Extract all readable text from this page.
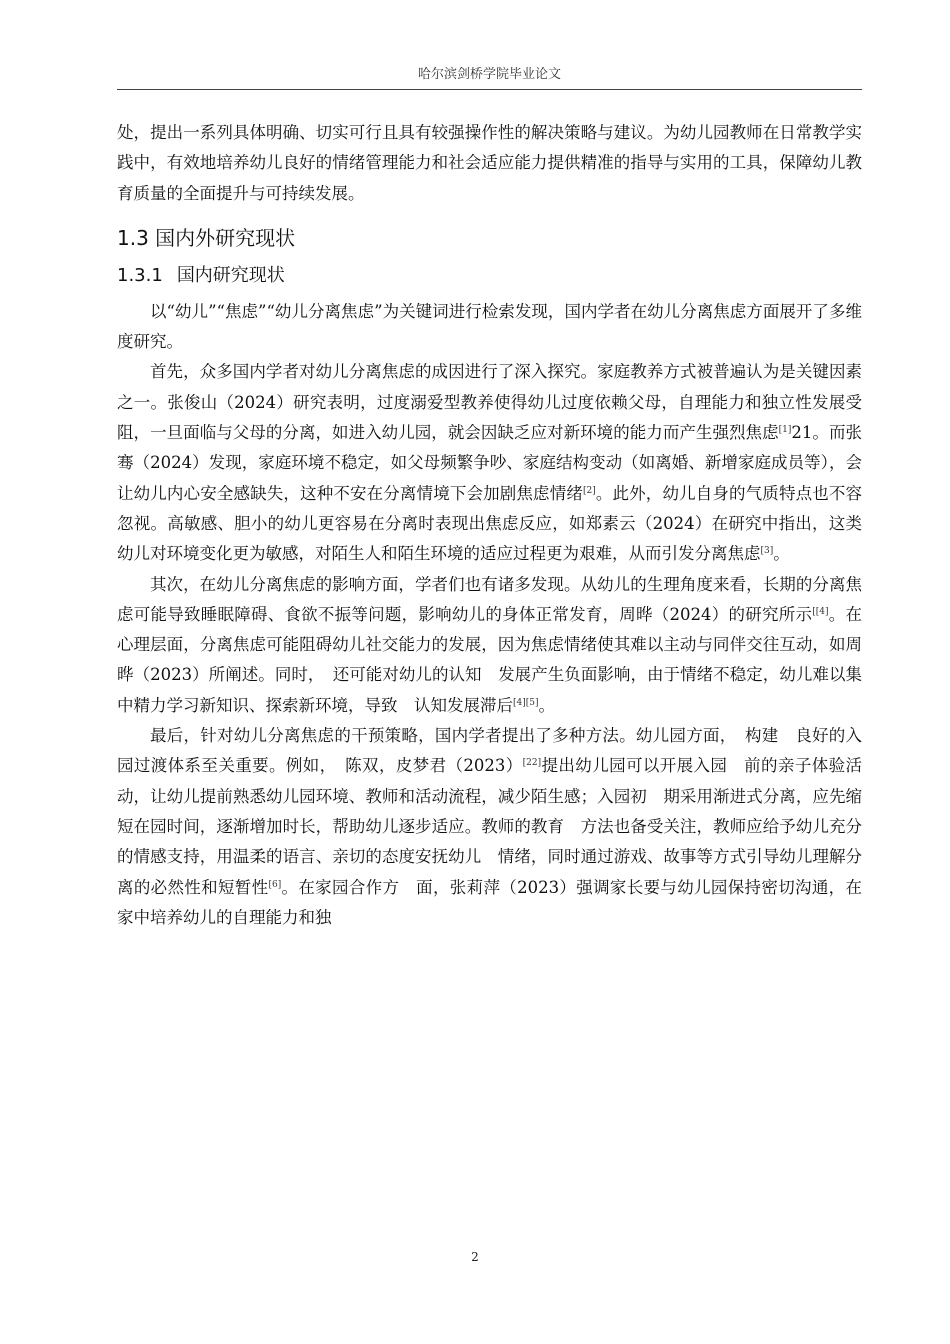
哈尔滨剑桥学院毕业论文

处，提出一系列具体明确、切实可行且具有较强操作性的解决策略与建议。为幼儿园教师在日常教学实践中，有效地培养幼儿良好的情绪管理能力和社会适应能力提供精准的指导与实用的工具，保障幼儿教育质量的全面提升与可持续发展。

1.3 国内外研究现状
1.3.1 国内研究现状

以“幼儿”“焦虑”“幼儿分离焦虑”为关键词进行检索发现，国内学者在幼儿分离焦虑方面展开了多维度研究。

首先，众多国内学者对幼儿分离焦虑的成因进行了深入探究。家庭教养方式被普遍认为是关键因素之一。张俊山（2024）研究表明，过度溺爱型教养使得幼儿过度依赖父母，自理能力和独立性发展受阻，一旦面临与父母的分离，如进入幼儿园，就会因缺乏应对新环境的能力而产生强烈焦虑[1]21。而张骞（2024）发现，家庭环境不稳定，如父母频繁争吵、家庭结构变动（如离婚、新增家庭成员等），会让幼儿内心安全感缺失，这种不安在分离情境下会加剧焦虑情绪[2]。此外，幼儿自身的气质特点也不容忽视。高敏感、胆小的幼儿更容易在分离时表现出焦虑反应，如郑素云（2024）在研究中指出，这类幼儿对环境变化更为敏感，对陌生人和陌生环境的适应过程更为艰难，从而引发分离焦虑[3]。

其次，在幼儿分离焦虑的影响方面，学者们也有诸多发现。从幼儿的生理角度来看，长期的分离焦虑可能导致睡眠障碍、食欲不振等问题，影响幼儿的身体正常发育，周晔（2024）的研究所示[[4]。在心理层面，分离焦虑可能阻碍幼儿社交能力的发展，因为焦虑情绪使其难以主动与同伴交往互动，如周晔（2023）所阐述。同时，　还可能对幼儿的认知　发展产生负面影响，由于情绪不稳定，幼儿难以集中精力学习新知识、探索新环境，导致　认知发展滞后[4][5]。

最后，针对幼儿分离焦虑的干预策略，国内学者提出了多种方法。幼儿园方面，　构建　良好的入园过渡体系至关重要。例如，　陈双，皮梦君（2023）[22]提出幼儿园可以开展入园　前的亲子体验活动，让幼儿提前熟悉幼儿园环境、教师和活动流程，减少陌生感；入园初　期采用渐进式分离，应先缩短在园时间，逐渐增加时长，帮助幼儿逐步适应。教师的教育　方法也备受关注，教师应给予幼儿充分的情感支持，用温柔的语言、亲切的态度安抚幼儿　情绪，同时通过游戏、故事等方式引导幼儿理解分离的必然性和短暂性[6]。在家园合作方　面，张莉萍（2023）强调家长要与幼儿园保持密切沟通，在家中培养幼儿的自理能力和独

2
